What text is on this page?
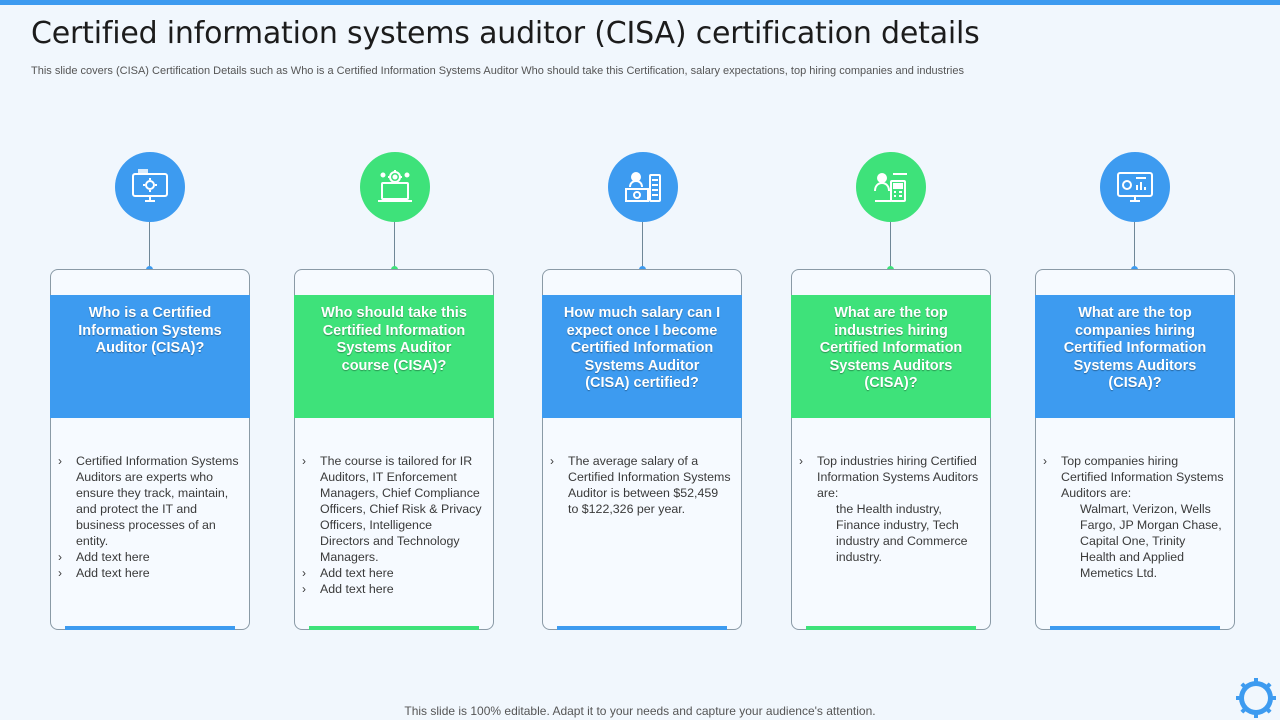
Certified information systems auditor (CISA) certification details

This slide covers (CISA) Certification Details such as Who is a Certified Information Systems Auditor Who should take this Certification, salary expectations, top hiring companies and industries

Who is a Certified Information Systems Auditor (CISA)?
›	Certified Information Systems Auditors are experts who ensure they track, maintain, and protect the IT and business processes of an entity.
›	Add text here
›	Add text here
Who should take this Certified Information Systems Auditor course (CISA)?
›	The course is tailored for IR Auditors, IT Enforcement Managers, Chief Compliance Officers, Chief Risk & Privacy Officers, Intelligence Directors and Technology Managers.
›	Add text here
›	Add text here
How much salary can I expect once I become Certified Information Systems Auditor (CISA) certified?
›	The average salary of a Certified Information Systems Auditor is between $52,459 to $122,326 per year.
What are the top industries hiring Certified Information Systems Auditors (CISA)?
›	Top industries hiring Certified Information Systems Auditors are:
the Health industry, Finance industry, Tech industry and Commerce industry.
What are the top companies hiring Certified Information Systems Auditors (CISA)?
›	Top companies hiring Certified Information Systems Auditors are:
Walmart, Verizon, Wells Fargo, JP Morgan Chase, Capital One, Trinity Health and Applied Memetics Ltd.

This slide is 100% editable. Adapt it to your needs and capture your audience's attention.
